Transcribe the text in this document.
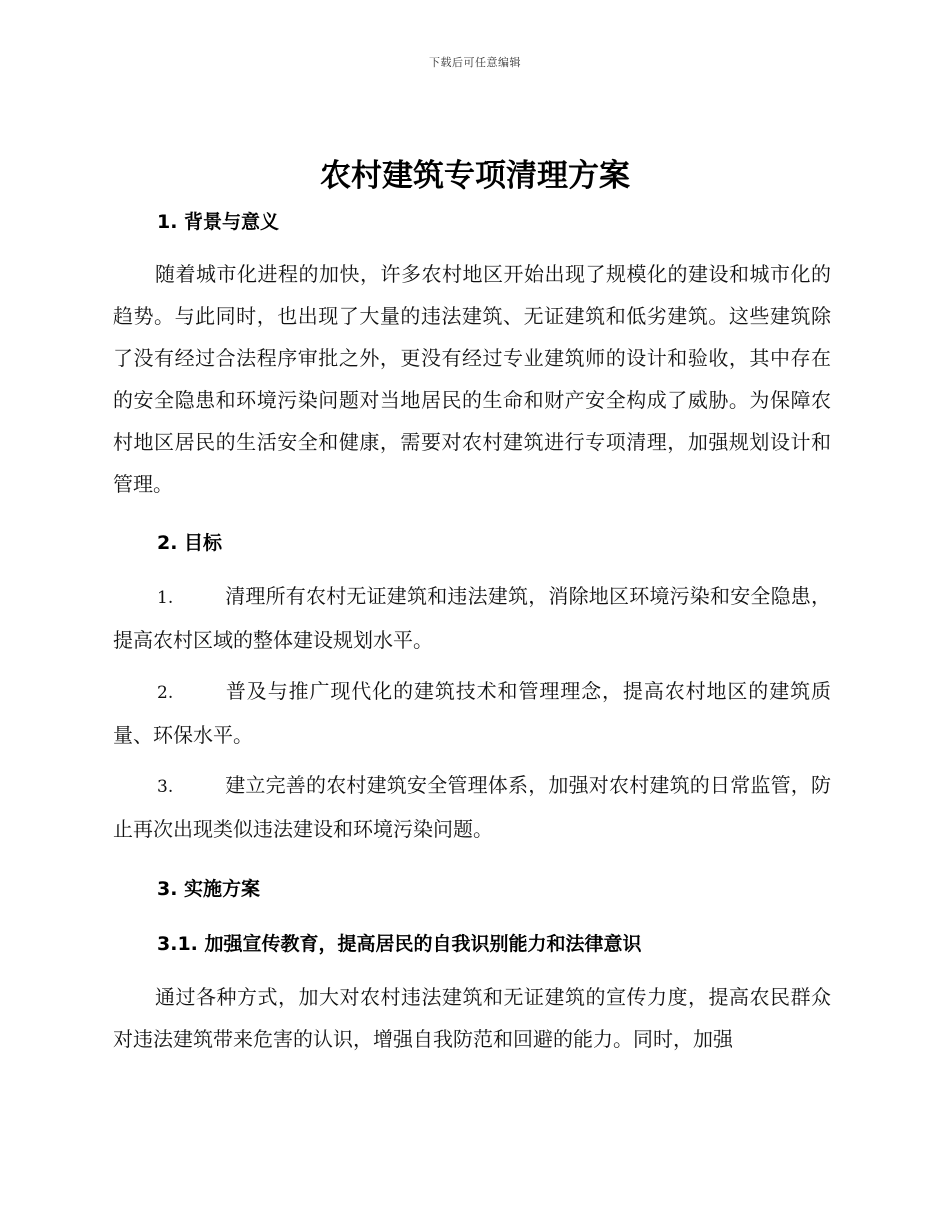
下载后可任意编辑
农村建筑专项清理方案
1. 背景与意义

随着城市化进程的加快，许多农村地区开始出现了规模化的建设和城市化的趋势。与此同时，也出现了大量的违法建筑、无证建筑和低劣建筑。这些建筑除了没有经过合法程序审批之外，更没有经过专业建筑师的设计和验收，其中存在的安全隐患和环境污染问题对当地居民的生命和财产安全构成了威胁。为保障农村地区居民的生活安全和健康，需要对农村建筑进行专项清理，加强规划设计和管理。

2. 目标

1.	清理所有农村无证建筑和违法建筑，消除地区环境污染和安全隐患，提高农村区域的整体建设规划水平。

2.	普及与推广现代化的建筑技术和管理理念，提高农村地区的建筑质量、环保水平。

3.	建立完善的农村建筑安全管理体系，加强对农村建筑的日常监管，防止再次出现类似违法建设和环境污染问题。

3. 实施方案
3.1. 加强宣传教育，提高居民的自我识别能力和法律意识

通过各种方式，加大对农村违法建筑和无证建筑的宣传力度，提高农民群众对违法建筑带来危害的认识，增强自我防范和回避的能力。同时，加强
